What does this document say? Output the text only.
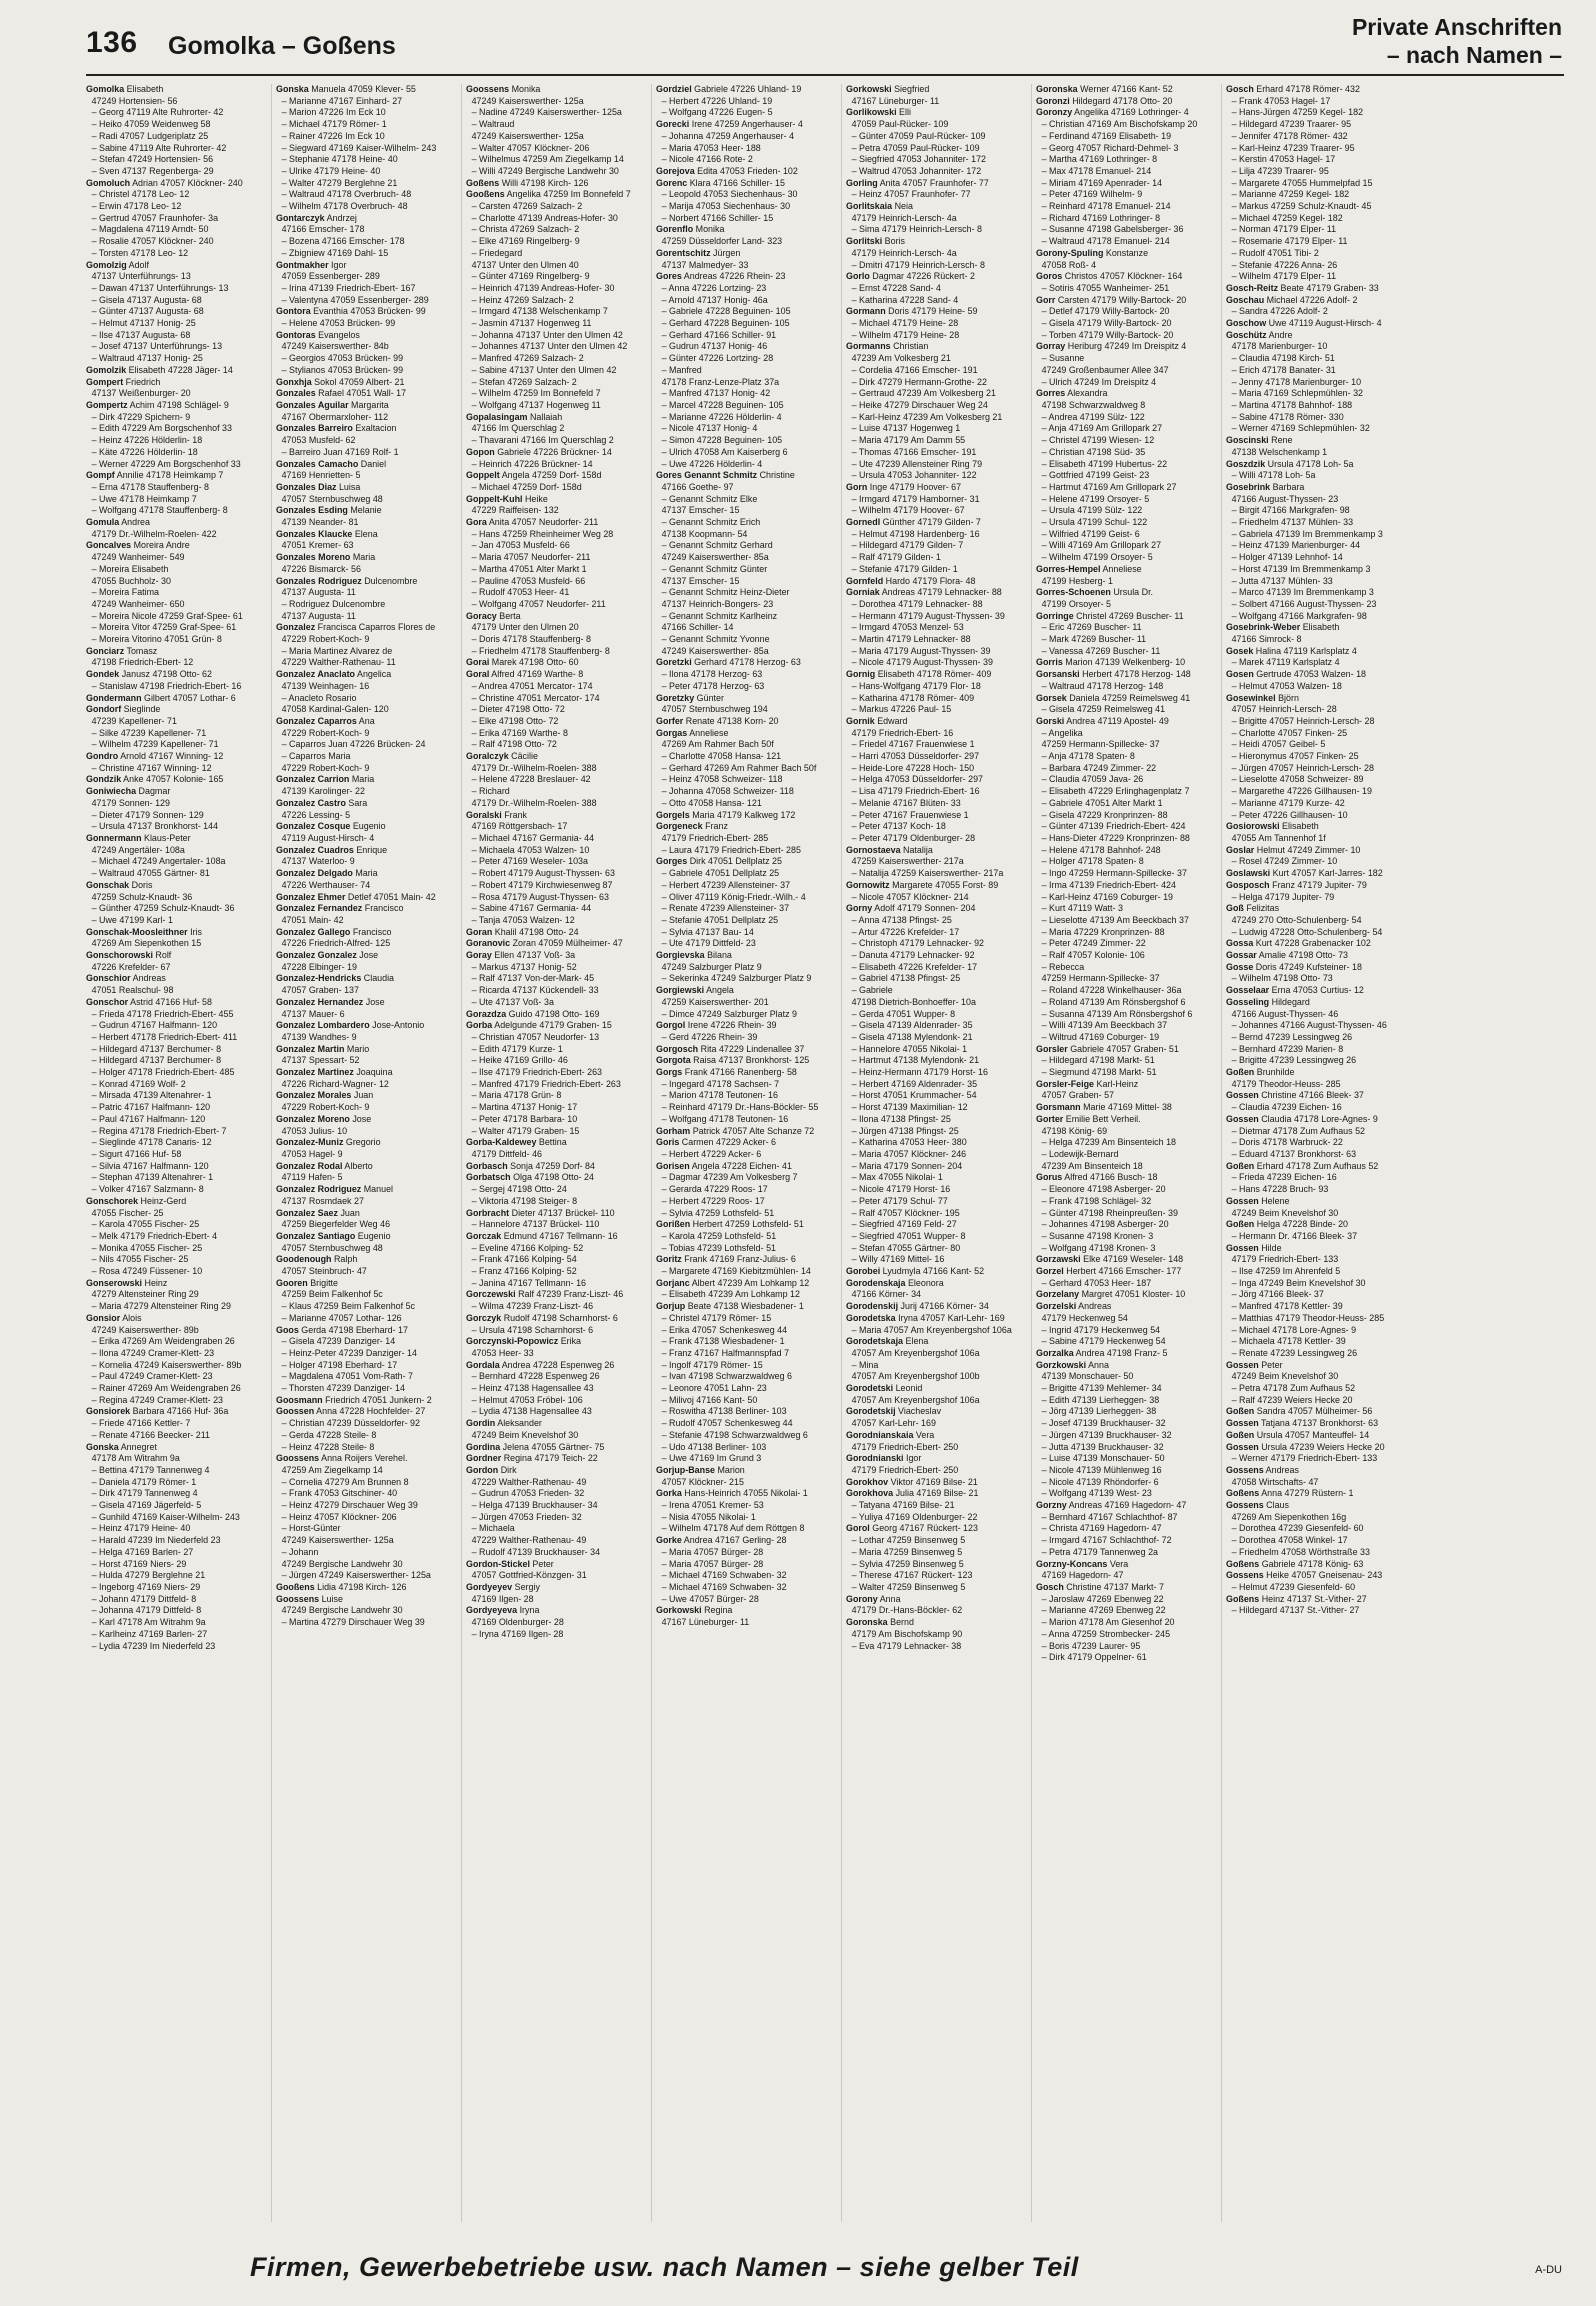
136 Gomolka – Goßens
Private Anschriften
– nach Namen –
Gomolka Elisabeth
47249 Hortensien- 56
– Georg 47119 Alte Ruhrorter- 42
– Heiko 47059 Weidenweg 58
– Radi 47057 Ludgeriplatz 25
– Sabine 47119 Alte Ruhrorter- 42
– Stefan 47249 Hortensien- 56
– Sven 47137 Regenberga- 29
Gomoluch Adrian 47057 Klöckner- 240
– Christel 47178 Leo- 12
– Erwin 47178 Leo- 12
– Gertrud 47057 Fraunhofer- 3a
– Magdalena 47119 Arndt- 50
– Rosalie 47057 Klöckner- 240
– Torsten 47178 Leo- 12
Gomolzig Adolf
47137 Unterführungs- 13
– Dawan 47137 Unterführungs- 13
– Gisela 47137 Augusta- 68
– Günter 47137 Augusta- 68
– Helmut 47137 Honig- 25
– Ilse 47137 Augusta- 68
– Josef 47137 Unterführungs- 13
– Waltraud 47137 Honig- 25
Gomolzik Elisabeth 47228 Jäger- 14
Gompert Friedrich
47137 Weißenburger- 20
Gompertz Achim 47198 Schlägel- 9
– Dirk 47229 Spichern- 9
– Edith 47229 Am Borgschenhof 33
– Heinz 47226 Hölderlin- 18
– Käte 47226 Hölderlin- 18
– Werner 47229 Am Borgschenhof 33
Gompf Annilie 47178 Heimkamp 7
– Erna 47178 Stauffenberg- 8
– Uwe 47178 Heimkamp 7
– Wolfgang 47178 Stauffenberg- 8
Gomula Andrea
47179 Dr.-Wilhelm-Roelen- 422
Goncalves Moreira Andre
47249 Wanheimer- 549
– Moreira Elisabeth
47055 Buchholz- 30
– Moreira Fatima
47249 Wanheimer- 650
– Moreira Nicole 47259 Graf-Spee- 61
– Moreira Vitor 47259 Graf-Spee- 61
– Moreira Vitorino 47051 Grün- 8
Gonciarz Tomasz
47198 Friedrich-Ebert- 12
Gondek Janusz 47198 Otto- 62
– Stanislaw 47198 Friedrich-Ebert- 16
Gondermann Gilbert 47057 Lothar- 6
Gondorf Sieglinde
47239 Kapellener- 71
– Silke 47239 Kapellener- 71
– Wilhelm 47239 Kapellener- 71
Gondro Arnold 47167 Winning- 12
– Christine 47167 Winning- 12
Gondzik Anke 47057 Kolonie- 165
Goniwiecha Dagmar
47179 Sonnen- 129
– Dieter 47179 Sonnen- 129
– Ursula 47137 Bronkhorst- 144
Gonnermann Klaus-Peter
47249 Angertäler- 108a
– Michael 47249 Angertaler- 108a
– Waltraud 47055 Gärtner- 81
Gonschak Doris
47259 Schulz-Knaudt- 36
– Günther 47259 Schulz-Knaudt- 36
– Uwe 47199 Karl- 1
Gonschak-Moosleithner Iris
47269 Am Siepenkothen 15
Gonschorowski Rolf
47226 Krefelder- 67
Gonschior Andreas
47051 Realschul- 98
Gonschor Astrid 47166 Huf- 58
– Frieda 47178 Friedrich-Ebert- 455
– Gudrun 47167 Halfmann- 120
– Herbert 47178 Friedrich-Ebert- 411
– Hildegard 47137 Berchumer- 8
– Hildegard 47137 Berchumer- 8
– Holger 47178 Friedrich-Ebert- 485
– Konrad 47169 Wolf- 2
– Mirsada 47139 Altenahrer- 1
– Patric 47167 Halfmann- 120
– Paul 47167 Halfmann- 120
– Regina 47178 Friedrich-Ebert- 7
– Sieglinde 47178 Canaris- 12
– Sigurt 47166 Huf- 58
– Silvia 47167 Halfmann- 120
– Stephan 47139 Altenahrer- 1
– Volker 47167 Salzmann- 8
Gonschorek Heinz-Gerd
47055 Fischer- 25
– Karola 47055 Fischer- 25
– Melk 47179 Friedrich-Ebert- 4
– Monika 47055 Fischer- 25
– Nils 47055 Fischer- 25
– Rosa 47249 Füssener- 10
Gonserowski Heinz
47279 Altensteiner Ring 29
– Maria 47279 Altensteiner Ring 29
Gonsior Alois
47249 Kaiserswerther- 89b
– Erika 47269 Am Weidengraben 26
– Ilona 47249 Cramer-Klett- 23
– Kornelia 47249 Kaiserswerther- 89b
– Paul 47249 Cramer-Klett- 23
– Rainer 47269 Am Weidengraben 26
– Regina 47249 Cramer-Klett- 23
Gonsiorek Barbara 47166 Huf- 36a
– Friede 47166 Kettler- 7
– Renate 47166 Beecker- 211
Gonska Annegret
47178 Am Witrahm 9a
– Bettina 47179 Tannenweg 4
– Daniela 47179 Römer- 1
– Dirk 47179 Tannenweg 4
– Gisela 47169 Jägerfeld- 5
– Gunhild 47169 Kaiser-Wilhelm- 243
– Heinz 47179 Heine- 40
– Harald 47239 Im Niederfeld 23
– Helga 47169 Barlen- 27
– Horst 47169 Niers- 29
– Hulda 47279 Berglehne 21
– Ingeborg 47169 Niers- 29
– Johann 47179 Dittfeld- 8
– Johanna 47179 Dittfeld- 8
– Karl 47178 Am Witrahm 9a
– Karlheinz 47169 Barlen- 27
– Lydia 47239 Im Niederfeld 23
Gonska Manuela 47059 Klever- 55
– Marianne 47167 Einhard- 27
– Marion 47226 Im Eck 10
– Michael 47179 Römer- 1
– Rainer 47226 Im Eck 10
– Siegward 47169 Kaiser-Wilhelm- 243
– Stephanie 47178 Heine- 40
– Ulrike 47179 Heine- 40
– Walter 47279 Berglehne 21
– Waltraud 47178 Overbruch- 48
– Wilhelm 47178 Overbruch- 48
Gontarczyk Andrzej
47166 Emscher- 178
– Bozena 47166 Emscher- 178
– Zbigniew 47169 Dahl- 15
Gontmakher Igor
47059 Essenberger- 289
– Irina 47139 Friedrich-Ebert- 167
– Valentyna 47059 Essenberger- 289
Gontora Evanthia 47053 Brücken- 99
– Helene 47053 Brücken- 99
Gontoras Evangelos
47249 Kaiserswerther- 84b
– Georgios 47053 Brücken- 99
– Stylianos 47053 Brücken- 99
Gonxhja Sokol 47059 Albert- 21
Gonzales Rafael 47051 Wall- 17
Gonzales Aguilar Margarita
47167 Obermarxloher- 112
Gonzales Barreiro Exaltacion
47053 Musfeld- 62
– Barreiro Juan 47169 Rolf- 1
Gonzales Camacho Daniel
47169 Henrietten- 5
Gonzales Diaz Luisa
47057 Sternbuschweg 48
Gonzales Esding Melanie
47139 Neander- 81
Gonzales Klaucke Elena
47051 Kremer- 63
Gonzales Moreno Maria
47226 Bismarck- 56
Gonzales Rodriguez Dulcenombre
47137 Augusta- 11
– Rodriguez Dulcenombre
47137 Augusta- 11
Gonzalez Francisca Caparros Flores de
47229 Robert-Koch- 9
– Maria Martinez Alvarez de
47229 Walther-Rathenau- 11
Gonzalez Anaclato Angelica
47139 Weinhagen- 16
– Anacleto Rosario
47058 Kardinal-Galen- 120
Gonzalez Caparros Ana
47229 Robert-Koch- 9
– Caparros Juan 47226 Brücken- 24
– Caparros Maria
47229 Robert-Koch- 9
Gonzalez Carrion Maria
47139 Karolinger- 22
Gonzalez Castro Sara
47226 Lessing- 5
Gonzalez Cosque Eugenio
47119 August-Hirsch- 4
Gonzalez Cuadros Enrique
47137 Waterloo- 9
Gonzalez Delgado Maria
47226 Werthauser- 74
Gonzalez Ehmer Detlef 47051 Main- 42
Gonzalez Fernandez Francisco
47051 Main- 42
Gonzalez Gallego Francisco
47226 Friedrich-Alfred- 125
Gonzalez Gonzalez Jose
47228 Elbinger- 19
Gonzalez-Hendricks Claudia
47057 Graben- 137
Gonzalez Hernandez Jose
47137 Mauer- 6
Gonzalez Lombardero Jose-Antonio
47139 Wandhes- 9
Gonzalez Martin Mario
47137 Spessart- 52
Gonzalez Martinez Joaquina
47226 Richard-Wagner- 12
Gonzalez Morales Juan
47229 Robert-Koch- 9
Gonzalez Moreno Jose
47053 Julius- 10
Gonzalez-Muniz Gregorio
47053 Hagel- 9
Gonzalez Rodal Alberto
47119 Hafen- 5
Gonzalez Rodriguez Manuel
47137 Rosmdaek 27
Gonzalez Saez Juan
47259 Biegerfelder Weg 46
Gonzalez Santiago Eugenio
47057 Sternbuschweg 48
Goodenough Ralph
47057 Steinbruch- 47
Gooren Brigitte
47259 Beim Falkenhof 5c
– Klaus 47259 Beim Falkenhof 5c
– Marianne 47057 Lothar- 126
Goos Gerda 47198 Eberhard- 17
– Gisela 47239 Danziger- 14
– Heinz-Peter 47239 Danziger- 14
– Holger 47198 Eberhard- 17
– Magdalena 47051 Vom-Rath- 7
– Thorsten 47239 Danziger- 14
Goosmann Friedrich 47051 Junkern- 2
Goossen Anna 47228 Hochfelder- 27
– Christian 47239 Düsseldorfer- 92
– Gerda 47228 Steile- 8
– Heinz 47228 Steile- 8
Goossens Anna Roijers Verehel.
47259 Am Ziegelkamp 14
– Cornelia 47279 Am Brunnen 8
– Frank 47053 Gitschiner- 40
– Heinz 47279 Dirschauer Weg 39
– Heinz 47057 Klöckner- 206
– Horst-Günter
47249 Kaiserswerther- 125a
– Johann
47249 Bergische Landwehr 30
– Jürgen 47249 Kaiserswerther- 125a
Gooßens Lidia 47198 Kirch- 126
Goossens Luise
47249 Bergische Landwehr 30
– Martina 47279 Dirschauer Weg 39
Goossens Monika
47249 Kaiserswerther- 125a
– Nadine 47249 Kaiserswerther- 125a
– Waltraud
47249 Kaiserswerther- 125a
– Walter 47057 Klöckner- 206
– Wilhelmus 47259 Am Ziegelkamp 14
– Willi 47249 Bergische Landwehr 30
Goßens Willi 47198 Kirch- 126
Gooßens Angelika 47259 Im Bonnefeld 7
– Carsten 47269 Salzach- 2
– Charlotte 47139 Andreas-Hofer- 30
– Christa 47269 Salzach- 2
– Elke 47169 Ringelberg- 9
– Friedegard
47137 Unter den Ulmen 40
– Günter 47169 Ringelberg- 9
– Heinrich 47139 Andreas-Hofer- 30
– Heinz 47269 Salzach- 2
– Irmgard 47138 Welschenkamp 7
– Jasmin 47137 Hogenweg 11
– Johanna 47137 Unter den Ulmen 42
– Johannes 47137 Unter den Ulmen 42
– Manfred 47269 Salzach- 2
– Sabine 47137 Unter den Ulmen 42
– Stefan 47269 Salzach- 2
– Wilhelm 47259 Im Bonnefeld 7
– Wolfgang 47137 Hogenweg 11
Gopalasingam Nallaiah
47166 Im Querschlag 2
– Thavarani 47166 Im Querschlag 2
Gopon Gabriele 47226 Brückner- 14
– Heinrich 47226 Brückner- 14
Goppelt Angela 47259 Dorf- 158d
– Michael 47259 Dorf- 158d
Goppelt-Kuhl Heike
47229 Raiffeisen- 132
Gora Anita 47057 Neudorfer- 211
– Hans 47259 Rheinheimer Weg 28
– Jan 47053 Musfeld- 66
– Maria 47057 Neudorfer- 211
– Martha 47051 Alter Markt 1
– Pauline 47053 Musfeld- 66
– Rudolf 47053 Heer- 41
– Wolfgang 47057 Neudorfer- 211
Goracy Berta
47179 Unter den Ulmen 20
– Doris 47178 Stauffenberg- 8
– Friedhelm 47178 Stauffenberg- 8
Gorai Marek 47198 Otto- 60
Goral Alfred 47169 Warthe- 8
– Andrea 47051 Mercator- 174
– Christine 47051 Mercator- 174
– Dieter 47198 Otto- 72
– Elke 47198 Otto- 72
– Erika 47169 Warthe- 8
– Ralf 47198 Otto- 72
Goralczyk Cäcilie
47179 Dr.-Wilhelm-Roelen- 388
– Helene 47228 Breslauer- 42
– Richard
47179 Dr.-Wilhelm-Roelen- 388
Goralski Frank
47169 Röttgersbach- 17
– Michael 47167 Germania- 44
– Michaela 47053 Walzen- 10
– Peter 47169 Weseler- 103a
– Robert 47179 August-Thyssen- 63
– Robert 47179 Kirchwiesenweg 87
– Rosa 47179 August-Thyssen- 63
– Sabine 47167 Germania- 44
– Tanja 47053 Walzen- 12
Goran Khalil 47198 Otto- 24
Goranovic Zoran 47059 Mülheimer- 47
Goray Ellen 47137 Voß- 3a
– Markus 47137 Honig- 52
– Ralf 47137 Von-der-Mark- 45
– Ricarda 47137 Kückendell- 33
– Ute 47137 Voß- 3a
Gorazdza Guido 47198 Otto- 169
Gorba Adelgunde 47179 Graben- 15
– Christian 47057 Neudorfer- 13
– Edith 47179 Kurze- 1
– Heike 47169 Grillo- 46
– Ilse 47179 Friedrich-Ebert- 263
– Manfred 47179 Friedrich-Ebert- 263
– Maria 47178 Grün- 8
– Martina 47137 Honig- 17
– Peter 47178 Barbara- 10
– Walter 47179 Graben- 15
Gorba-Kaldewey Bettina
47179 Dittfeld- 46
Gorbasch Sonja 47259 Dorf- 84
Gorbatsch Olga 47198 Otto- 24
– Sergej 47198 Otto- 24
– Viktoria 47198 Steiger- 8
Gorbracht Dieter 47137 Brückel- 110
– Hannelore 47137 Brückel- 110
Gorczak Edmund 47167 Tellmann- 16
– Eveline 47166 Kolping- 52
– Frank 47166 Kolping- 54
– Franz 47166 Kolping- 52
– Janina 47167 Tellmann- 16
Gorczewski Ralf 47239 Franz-Liszt- 46
– Wilma 47239 Franz-Liszt- 46
Gorczyk Rudolf 47198 Scharnhorst- 6
– Ursula 47198 Scharnhorst- 6
Gorczynski-Popowicz Erika
47053 Heer- 33
Gordala Andrea 47228 Espenweg 26
– Bernhard 47228 Espenweg 26
– Heinz 47138 Hagensallee 43
– Helmut 47053 Fröbel- 106
– Lydia 47138 Hagensallee 43
Gordin Aleksander
47249 Beim Knevelshof 30
Gordina Jelena 47055 Gärtner- 75
Gordner Regina 47179 Teich- 22
Gordon Dirk
47229 Walther-Rathenau- 49
– Gudrun 47053 Frieden- 32
– Helga 47139 Bruckhauser- 34
– Jürgen 47053 Frieden- 32
– Michaela
47229 Walther-Rathenau- 49
– Rudolf 47139 Bruckhauser- 34
Gordon-Stickel Peter
47057 Gottfried-Könzgen- 31
Gordyeyev Sergiy
47169 Ilgen- 28
Gordyeyeva Iryna
47169 Oldenburger- 28
– Iryna 47169 Ilgen- 28
Gordziel Gabriele 47226 Uhland- 19
– Herbert 47226 Uhland- 19
– Wolfgang 47226 Eugen- 5
Gorecki Irene 47259 Angerhauser- 4
– Johanna 47259 Angerhauser- 4
– Maria 47053 Heer- 188
– Nicole 47166 Rote- 2
Gorejova Edita 47053 Frieden- 102
Gorenc Klara 47166 Schiller- 15
– Leopold 47053 Siechenhaus- 30
– Marija 47053 Siechenhaus- 30
– Norbert 47166 Schiller- 15
Gorenflo Monika
47259 Düsseldorfer Land- 323
Gorentschitz Jürgen
47137 Malmedyer- 33
Gores Andreas 47226 Rhein- 23
– Anna 47226 Lortzing- 23
– Arnold 47137 Honig- 46a
– Gabriele 47228 Beguinen- 105
– Gerhard 47228 Beguinen- 105
– Gerhard 47166 Schiller- 91
– Gudrun 47137 Honig- 46
– Günter 47226 Lortzing- 28
– Manfred
47178 Franz-Lenze-Platz 37a
– Manfred 47137 Honig- 42
– Marcel 47228 Beguinen- 105
– Marianne 47226 Hölderlin- 4
– Nicole 47137 Honig- 4
– Simon 47228 Beguinen- 105
– Ulrich 47058 Am Kaiserberg 6
– Uwe 47226 Hölderlin- 4
Gores Genannt Schmitz Christine
47166 Goethe- 97
– Genannt Schmitz Elke
47137 Emscher- 15
– Genannt Schmitz Erich
47138 Koopmann- 54
– Genannt Schmitz Gerhard
47249 Kaiserswerther- 85a
– Genannt Schmitz Günter
47137 Emscher- 15
– Genannt Schmitz Heinz-Dieter
47137 Heinrich-Bongers- 23
– Genannt Schmitz Karlheinz
47166 Schiller- 14
– Genannt Schmitz Yvonne
47249 Kaiserswerther- 85a
Goretzki Gerhard 47178 Herzog- 63
– Ilona 47178 Herzog- 63
– Peter 47178 Herzog- 63
Goretzky Günter
47057 Sternbuschweg 194
Gorfer Renate 47138 Korn- 20
Gorgas Anneliese
47269 Am Rahmer Bach 50f
– Charlotte 47058 Hansa- 121
– Gerhard 47269 Am Rahmer Bach 50f
– Heinz 47058 Schweizer- 118
– Johanna 47058 Schweizer- 118
– Otto 47058 Hansa- 121
Gorgels Maria 47179 Kalkweg 172
Gorgeneck Franz
47179 Friedrich-Ebert- 285
– Laura 47179 Friedrich-Ebert- 285
Gorges Dirk 47051 Dellplatz 25
– Gabriele 47051 Dellplatz 25
– Herbert 47239 Allensteiner- 37
– Oliver 47119 König-Friedr.-Wilh.- 4
– Renate 47239 Allensteiner- 37
– Stefanie 47051 Dellplatz 25
– Sylvia 47137 Bau- 14
– Ute 47179 Dittfeld- 23
Gorgievska Bilana
47249 Salzburger Platz 9
– Sekerinka 47249 Salzburger Platz 9
Gorgiewski Angela
47259 Kaiserswerther- 201
– Dimce 47249 Salzburger Platz 9
Gorgol Irene 47226 Rhein- 39
– Gerd 47226 Rhein- 39
Gorgosch Rita 47229 Lindenallee 37
Gorgota Raisa 47137 Bronkhorst- 125
Gorgs Frank 47166 Ranenberg- 58
– Ingegard 47178 Sachsen- 7
– Marion 47178 Teutonen- 16
– Reinhard 47179 Dr.-Hans-Böckler- 55
– Wolfgang 47178 Teutonen- 16
Gorham Patrick 47057 Alte Schanze 72
Goris Carmen 47229 Acker- 6
– Herbert 47229 Acker- 6
Gorisen Angela 47228 Eichen- 41
– Dagmar 47239 Am Volkesberg 7
– Gerarda 47229 Roos- 17
– Herbert 47229 Roos- 17
– Sylvia 47259 Lothsfeld- 51
Gorißen Herbert 47259 Lothsfeld- 51
– Karola 47259 Lothsfeld- 51
– Tobias 47239 Lothsfeld- 51
Goritz Frank 47169 Franz-Julius- 6
– Margarete 47169 Kiebitzmühlen- 14
Gorjanc Albert 47239 Am Lohkamp 12
– Elisabeth 47239 Am Lohkamp 12
Gorjup Beate 47138 Wiesbadener- 1
– Christel 47179 Römer- 15
– Erika 47057 Schenkesweg 44
– Frank 47138 Wiesbadener- 1
– Franz 47167 Halfmannspfad 7
– Ingolf 47179 Römer- 15
– Ivan 47198 Schwarzwaldweg 6
– Leonore 47051 Lahn- 23
– Milivoj 47166 Kant- 50
– Roswitha 47138 Berliner- 103
– Rudolf 47057 Schenkesweg 44
– Stefanie 47198 Schwarzwaldweg 6
– Udo 47138 Berliner- 103
– Uwe 47169 Im Grund 3
Gorjup-Banse Marion
47057 Klöckner- 215
Gorka Hans-Heinrich 47055 Nikolai- 1
– Irena 47051 Kremer- 53
– Nisia 47055 Nikolai- 1
– Wilhelm 47178 Auf dem Röttgen 8
Gorke Andrea 47167 Gerling- 28
– Maria 47057 Bürger- 28
– Maria 47057 Bürger- 28
– Michael 47169 Schwaben- 32
– Michael 47169 Schwaben- 32
– Uwe 47057 Bürger- 28
Gorkowski Regina
47167 Lüneburger- 11
Gorkowski Siegfried
47167 Lüneburger- 11
Gorlikowski Elli
47059 Paul-Rücker- 109
– Günter 47059 Paul-Rücker- 109
– Petra 47059 Paul-Rücker- 109
– Siegfried 47053 Johanniter- 172
– Waltrud 47053 Johanniter- 172
Gorling Anita 47057 Fraunhofer- 77
– Heinz 47057 Fraunhofer- 77
Gorlitskaia Neia
47179 Heinrich-Lersch- 4a
– Sima 47179 Heinrich-Lersch- 8
Gorlitski Boris
47179 Heinrich-Lersch- 4a
– Dmitri 47179 Heinrich-Lersch- 8
Gorlo Dagmar 47226 Rückert- 2
– Ernst 47228 Sand- 4
– Katharina 47228 Sand- 4
Gormann Doris 47179 Heine- 59
– Michael 47179 Heine- 28
– Wilhelm 47179 Heine- 28
Gormanns Christian
47239 Am Volkesberg 21
– Cordelia 47166 Emscher- 191
– Dirk 47279 Hermann-Grothe- 22
– Gertraud 47239 Am Volkesberg 21
– Heike 47279 Dirschauer Weg 24
– Karl-Heinz 47239 Am Volkesberg 21
– Luise 47137 Hogenweg 1
– Maria 47179 Am Damm 55
– Thomas 47166 Emscher- 191
– Ute 47239 Allensteiner Ring 79
– Ursula 47053 Johanniter- 122
Gorn Inge 47179 Hoover- 67
– Irmgard 47179 Hamborner- 31
– Wilhelm 47179 Hoover- 67
Gornedl Günther 47179 Gilden- 7
– Helmut 47198 Hardenberg- 16
– Hildegard 47179 Gilden- 7
– Ralf 47179 Gilden- 1
– Stefanie 47179 Gilden- 1
Gornfeld Hardo 47179 Flora- 48
Gorniak Andreas 47179 Lehnacker- 88
– Dorothea 47179 Lehnacker- 88
– Hermann 47179 August-Thyssen- 39
– Irmgard 47053 Menzel- 53
– Martin 47179 Lehnacker- 88
– Maria 47179 August-Thyssen- 39
– Nicole 47179 August-Thyssen- 39
Gornig Elisabeth 47178 Römer- 409
– Hans-Wolfgang 47179 Flor- 18
– Katharina 47178 Römer- 409
– Markus 47226 Paul- 15
Gornik Edward
47179 Friedrich-Ebert- 16
– Friedel 47167 Frauenwiese 1
– Harri 47053 Düsseldorfer- 297
– Heide-Lore 47228 Hoch- 150
– Helga 47053 Düsseldorfer- 297
– Lisa 47179 Friedrich-Ebert- 16
– Melanie 47167 Blüten- 33
– Peter 47167 Frauenwiese 1
– Peter 47137 Koch- 18
– Peter 47179 Oldenburger- 28
Gornostaeva Natalija
47259 Kaiserswerther- 217a
– Natalija 47259 Kaiserswerther- 217a
Gornowitz Margarete 47055 Forst- 89
– Nicole 47057 Klöckner- 214
Gorny Adolf 47179 Sonnen- 204
– Anna 47138 Pfingst- 25
– Artur 47226 Krefelder- 17
– Christoph 47179 Lehnacker- 92
– Danuta 47179 Lehnacker- 92
– Elisabeth 47226 Krefelder- 17
– Gabriel 47138 Pfingst- 25
– Gabriele
47198 Dietrich-Bonhoeffer- 10a
– Gerda 47051 Wupper- 8
– Gisela 47139 Aldenrader- 35
– Gisela 47138 Mylendonk- 21
– Hannelore 47055 Nikolai- 1
– Hartmut 47138 Mylendonk- 21
– Heinz-Hermann 47179 Horst- 16
– Herbert 47169 Aldenrader- 35
– Horst 47051 Krummacher- 54
– Horst 47139 Maximilian- 12
– Ilona 47138 Pfingst- 25
– Jürgen 47138 Pfingst- 25
– Katharina 47053 Heer- 380
– Maria 47057 Klöckner- 246
– Maria 47179 Sonnen- 204
– Max 47055 Nikolai- 1
– Nicole 47179 Horst- 16
– Peter 47179 Schul- 77
– Ralf 47057 Klöckner- 195
– Siegfried 47169 Feld- 27
– Siegfried 47051 Wupper- 8
– Stefan 47055 Gärtner- 80
– Willy 47169 Mittel- 16
Gorobei Lyudmyla 47166 Kant- 52
Gorodenskaja Eleonora
47166 Körner- 34
Gorodenskij Jurij 47166 Körner- 34
Gorodetska Iryna 47057 Karl-Lehr- 169
– Maria 47057 Am Kreyenbergshof 106a
Gorodetskaja Elena
47057 Am Kreyenbergshof 106a
– Mina
47057 Am Kreyenbergshof 100b
Gorodetski Leonid
47057 Am Kreyenbergshof 106a
Gorodetskij Viacheslav
47057 Karl-Lehr- 169
Gorodnianskaia Vera
47179 Friedrich-Ebert- 250
Gorodnianski Igor
47179 Friedrich-Ebert- 250
Gorokhov Viktor 47169 Bilse- 21
Gorokhova Julia 47169 Bilse- 21
– Tatyana 47169 Bilse- 21
– Yuliya 47169 Oldenburger- 22
Gorol Georg 47167 Rückert- 123
– Lothar 47259 Binsenweg 5
– Maria 47259 Binsenweg 5
– Sylvia 47259 Binsenweg 5
– Therese 47167 Rückert- 123
– Walter 47259 Binsenweg 5
Gorony Anna
47179 Dr.-Hans-Böckler- 62
Goronska Bernd
47179 Am Bischofskamp 90
– Eva 47179 Lehnacker- 38
Goronska Werner 47166 Kant- 52
Goronzi Hildegard 47178 Otto- 20
Goronzy Angelika 47169 Lothringer- 4
– Christian 47169 Am Bischofskamp 20
– Ferdinand 47169 Elisabeth- 19
– Georg 47057 Richard-Dehmel- 3
– Martha 47169 Lothringer- 8
– Max 47178 Emanuel- 214
– Miriam 47169 Apenrader- 14
– Peter 47169 Wilhelm- 9
– Reinhard 47178 Emanuel- 214
– Richard 47169 Lothringer- 8
– Susanne 47198 Gabelsberger- 36
– Waltraud 47178 Emanuel- 214
Gorony-Spuling Konstanze
47058 Roß- 4
Goros Christos 47057 Klöckner- 164
– Sotiris 47055 Wanheimer- 251
Gorr Carsten 47179 Willy-Bartock- 20
– Detlef 47179 Willy-Bartock- 20
– Gisela 47179 Willy-Bartock- 20
– Torben 47179 Willy-Bartock- 20
Gorray Heriburg 47249 Im Dreispitz 4
– Susanne
47249 Großenbaumer Allee 347
– Ulrich 47249 Im Dreispitz 4
Gorres Alexandra
47198 Schwarzwaldweg 8
– Andrea 47199 Sülz- 122
– Anja 47169 Am Grillopark 27
– Christel 47199 Wiesen- 12
– Christian 47198 Süd- 35
– Elisabeth 47199 Hubertus- 22
– Gottfried 47199 Geist- 23
– Hartmut 47169 Am Grillopark 27
– Helene 47199 Orsoyer- 5
– Ursula 47199 Sülz- 122
– Ursula 47199 Schul- 122
– Wilfried 47199 Geist- 6
– Willi 47169 Am Grillopark 27
– Wilhelm 47199 Orsoyer- 5
Gorres-Hempel Anneliese
47199 Hesberg- 1
Gorres-Schoenen Ursula Dr.
47199 Orsoyer- 5
Gorringe Christel 47269 Buscher- 11
– Eric 47269 Buscher- 11
– Mark 47269 Buscher- 11
– Vanessa 47269 Buscher- 11
Gorris Marion 47139 Welkenberg- 10
Gorsanski Herbert 47178 Herzog- 148
– Waltraud 47178 Herzog- 148
Gorsek Daniela 47259 Reimelsweg 41
– Gisela 47259 Reimelsweg 41
Gorski Andrea 47119 Apostel- 49
– Angelika
47259 Hermann-Spillecke- 37
– Anja 47178 Spaten- 8
– Barbara 47249 Zimmer- 22
– Claudia 47059 Java- 26
– Elisabeth 47229 Erlinghagenplatz 7
– Gabriele 47051 Alter Markt 1
– Gisela 47229 Kronprinzen- 88
– Günter 47139 Friedrich-Ebert- 424
– Hans-Dieter 47229 Kronprinzen- 88
– Helene 47178 Bahnhof- 248
– Holger 47178 Spaten- 8
– Ingo 47259 Hermann-Spillecke- 37
– Irma 47139 Friedrich-Ebert- 424
– Karl-Heinz 47169 Coburger- 19
– Kurt 47119 Watt- 3
– Lieselotte 47139 Am Beeckbach 37
– Maria 47229 Kronprinzen- 88
– Peter 47249 Zimmer- 22
– Ralf 47057 Kolonie- 106
– Rebecca
47259 Hermann-Spillecke- 37
– Roland 47228 Winkelhauser- 36a
– Roland 47139 Am Rönsbergshof 6
– Susanna 47139 Am Rönsbergshof 6
– Willi 47139 Am Beeckbach 37
– Wiltrud 47169 Coburger- 19
Gorsler Gabriele 47057 Graben- 51
– Hildegard 47198 Markt- 51
– Siegmund 47198 Markt- 51
Gorsler-Feige Karl-Heinz
47057 Graben- 57
Gorsmann Marie 47169 Mittel- 38
Gorter Emilie Bett Verheil.
47198 König- 69
– Helga 47239 Am Binsenteich 18
– Lodewijk-Bernard
47239 Am Binsenteich 18
Gorus Alfred 47166 Busch- 18
– Eleonore 47198 Asberger- 20
– Frank 47198 Schlägel- 32
– Günter 47198 Rheinpreußen- 39
– Johannes 47198 Asberger- 20
– Susanne 47198 Kronen- 3
– Wolfgang 47198 Kronen- 3
Gorzawski Elke 47169 Weseler- 148
Gorzel Herbert 47166 Emscher- 177
– Gerhard 47053 Heer- 187
Gorzelany Margret 47051 Kloster- 10
Gorzelski Andreas
47179 Heckenweg 54
– Ingrid 47179 Heckenweg 54
– Sabine 47179 Heckenweg 54
Gorzalka Andrea 47198 Franz- 5
Gorzkowski Anna
47139 Monschauer- 50
– Brigitte 47139 Mehlemer- 34
– Edith 47139 Lierheggen- 38
– Jörg 47139 Lierheggen- 38
– Josef 47139 Bruckhauser- 32
– Jürgen 47139 Bruckhauser- 32
– Jutta 47139 Bruckhauser- 32
– Luise 47139 Monschauer- 50
– Nicole 47139 Mühlenweg 16
– Nicole 47139 Rhöndorfer- 6
– Wolfgang 47139 West- 23
Gorzny Andreas 47169 Hagedorn- 47
– Bernhard 47167 Schlachthof- 87
– Christa 47169 Hagedorn- 47
– Irmgard 47167 Schlachthof- 72
– Petra 47179 Tannenweg 2a
Gorzny-Koncans Vera
47169 Hagedorn- 47
Gosch Christine 47137 Markt- 7
– Jaroslaw 47269 Ebenweg 22
– Marianne 47269 Ebenweg 22
– Marion 47178 Am Giesenhof 20
– Anna 47259 Strombecker- 245
– Boris 47239 Laurer- 95
– Dirk 47179 Oppelner- 61
Gosch Erhard 47178 Römer- 432
– Frank 47053 Hagel- 17
– Hans-Jürgen 47259 Kegel- 182
– Hildegard 47239 Traarer- 95
– Jennifer 47178 Römer- 432
– Karl-Heinz 47239 Traarer- 95
– Kerstin 47053 Hagel- 17
– Lilja 47239 Traarer- 95
– Margarete 47055 Hummelpfad 15
– Marianne 47259 Kegel- 182
– Markus 47259 Schulz-Knaudt- 45
– Michael 47259 Kegel- 182
– Norman 47179 Elper- 11
– Rosemarie 47179 Elper- 11
– Rudolf 47051 Tibi- 2
– Stefanie 47226 Anna- 26
– Wilhelm 47179 Elper- 11
Gosch-Reitz Beate 47179 Graben- 33
Goschau Michael 47226 Adolf- 2
– Sandra 47226 Adolf- 2
Goschow Uwe 47119 August-Hirsch- 4
Goschütz Andre
47178 Marienburger- 10
– Claudia 47198 Kirch- 51
– Erich 47178 Banater- 31
– Jenny 47178 Marienburger- 10
– Maria 47169 Schlepmühlen- 32
– Martina 47178 Bahnhof- 188
– Sabine 47178 Römer- 330
– Werner 47169 Schlepmühlen- 32
Goscinski Rene
47138 Welschenkamp 1
Goszdzik Ursula 47178 Loh- 5a
– Willi 47178 Loh- 5a
Gosebrink Barbara
47166 August-Thyssen- 23
– Birgit 47166 Markgrafen- 98
– Friedhelm 47137 Mühlen- 33
– Gabriela 47139 Im Bremmenkamp 3
– Heinz 47139 Marienburger- 44
– Holger 47139 Lehnhof- 14
– Horst 47139 Im Bremmenkamp 3
– Jutta 47137 Mühlen- 33
– Marco 47139 Im Bremmenkamp 3
– Solbert 47166 August-Thyssen- 23
– Wolfgang 47166 Markgrafen- 98
Gosebrink-Weber Elisabeth
47166 Simrock- 8
Gosek Halina 47119 Karlsplatz 4
– Marek 47119 Karlsplatz 4
Gosen Gertrude 47053 Walzen- 18
– Helmut 47053 Walzen- 18
Gosewinkel Björn
47057 Heinrich-Lersch- 28
– Brigitte 47057 Heinrich-Lersch- 28
– Charlotte 47057 Finken- 25
– Heidi 47057 Geibel- 5
– Hieronymus 47057 Finken- 25
– Jürgen 47057 Heinrich-Lersch- 28
– Lieselotte 47058 Schweizer- 89
– Margarethe 47226 Gillhausen- 19
– Marianne 47179 Kurze- 42
– Peter 47226 Gillhausen- 10
Gosiorowski Elisabeth
47055 Am Tannenhof 1f
Goslar Helmut 47249 Zimmer- 10
– Rosel 47249 Zimmer- 10
Goslawski Kurt 47057 Karl-Jarres- 182
Gosposch Franz 47179 Jupiter- 79
– Helga 47179 Jupiter- 79
Goß Felizitas
47249 270 Otto-Schulenberg- 54
– Ludwig 47228 Otto-Schulenberg- 54
Gossa Kurt 47228 Grabenacker 102
Gossar Amalie 47198 Otto- 73
Gosse Doris 47249 Kufsteiner- 18
– Wilhelm 47198 Otto- 73
Gosselaar Erna 47053 Curtius- 12
Gosseling Hildegard
47166 August-Thyssen- 46
– Johannes 47166 August-Thyssen- 46
– Bernd 47239 Lessingweg 26
– Bernhard 47239 Marien- 8
– Brigitte 47239 Lessingweg 26
Goßen Brunhilde
47179 Theodor-Heuss- 285
Gossen Christine 47166 Bleek- 37
– Claudia 47239 Eichen- 16
Gossen Claudia 47178 Lore-Agnes- 9
– Dietmar 47178 Zum Aufhaus 52
– Doris 47178 Warbruck- 22
– Eduard 47137 Bronkhorst- 63
Goßen Erhard 47178 Zum Aufhaus 52
– Frieda 47239 Eichen- 16
– Hans 47228 Bruch- 93
Gossen Helene
47249 Beim Knevelshof 30
Goßen Helga 47228 Binde- 20
– Hermann Dr. 47166 Bleek- 37
Gossen Hilde
47179 Friedrich-Ebert- 133
– Ilse 47259 Im Ahrenfeld 5
– Inga 47249 Beim Knevelshof 30
– Jörg 47166 Bleek- 37
– Manfred 47178 Kettler- 39
– Matthias 47179 Theodor-Heuss- 285
– Michael 47178 Lore-Agnes- 9
– Michaela 47178 Kettler- 39
– Renate 47239 Lessingweg 26
Gossen Peter
47249 Beim Knevelshof 30
– Petra 47178 Zum Aufhaus 52
– Ralf 47239 Weiers Hecke 20
Goßen Sandra 47057 Mülheimer- 56
Gossen Tatjana 47137 Bronkhorst- 63
Goßen Ursula 47057 Manteuffel- 14
Gossen Ursula 47239 Weiers Hecke 20
– Werner 47179 Friedrich-Ebert- 133
Gossens Andreas
47058 Wirtschafts- 47
Goßens Anna 47279 Rüstern- 1
Gossens Claus
47269 Am Siepenkothen 16g
– Dorothea 47239 Giesenfeld- 60
– Dorothea 47058 Winkel- 17
– Friedhelm 47058 Wörthstraße 33
Goßens Gabriele 47178 König- 63
Gossens Heike 47057 Gneisenau- 243
– Helmut 47239 Giesenfeld- 60
Goßens Heinz 47137 St.-Vither- 27
– Hildegard 47137 St.-Vither- 27
Firmen, Gewerbebetriebe usw. nach Namen – siehe gelber Teil	A-DU
